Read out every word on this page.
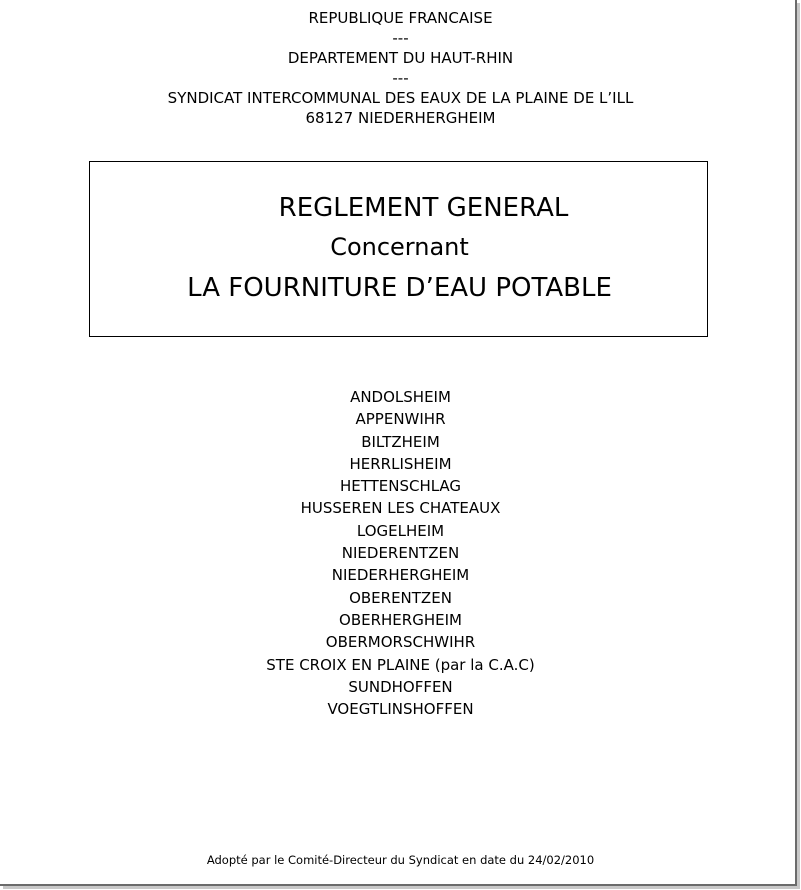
REPUBLIQUE FRANCAISE
---
DEPARTEMENT DU HAUT-RHIN
---
SYNDICAT INTERCOMMUNAL DES EAUX DE LA PLAINE DE L’ILL
68127 NIEDERHERGHEIM
REGLEMENT GENERAL
Concernant
LA FOURNITURE D’EAU POTABLE
ANDOLSHEIM
APPENWIHR
BILTZHEIM
HERRLISHEIM
HETTENSCHLAG
HUSSEREN LES CHATEAUX
LOGELHEIM
NIEDERENTZEN
NIEDERHERGHEIM
OBERENTZEN
OBERHERGHEIM
OBERMORSCHWIHR
STE CROIX EN PLAINE (par la C.A.C)
SUNDHOFFEN
VOEGTLINSHOFFEN
Adopté par le Comité-Directeur du Syndicat en date du 24/02/2010
